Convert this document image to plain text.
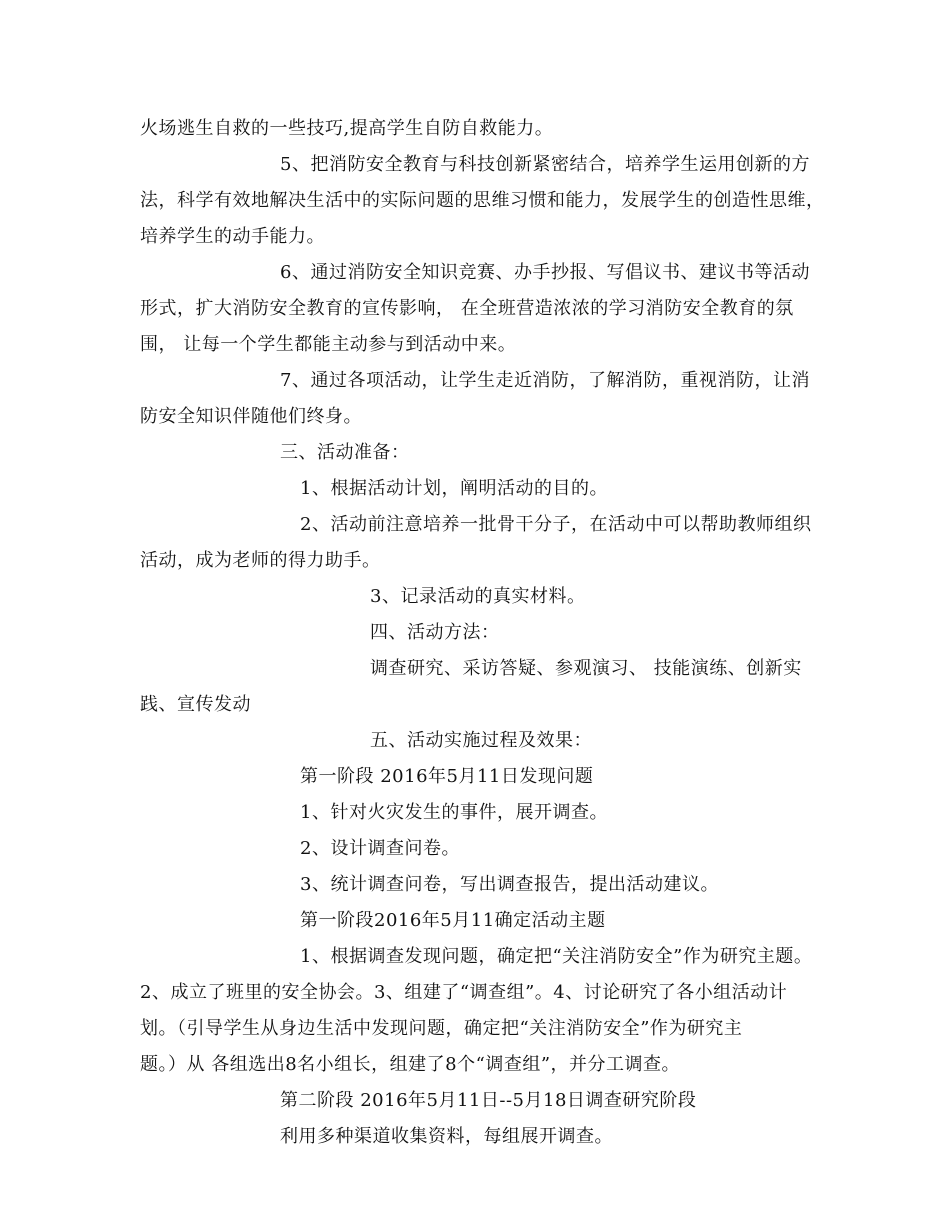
火场逃生自救的一些技巧,提高学生自防自救能力。
5、把消防安全教育与科技创新紧密结合，培养学生运用创新的方
法，科学有效地解决生活中的实际问题的思维习惯和能力，发展学生的创造性思维，
培养学生的动手能力。
6、通过消防安全知识竞赛、办手抄报、写倡议书、建议书等活动
形式，扩大消防安全教育的宣传影响， 在全班营造浓浓的学习消防安全教育的氛
围， 让每一个学生都能主动参与到活动中来。
7、通过各项活动，让学生走近消防，了解消防，重视消防，让消
防安全知识伴随他们终身。
三、活动准备：
1、根据活动计划，阐明活动的目的。
2、活动前注意培养一批骨干分子，在活动中可以帮助教师组织
活动，成为老师的得力助手。
3、记录活动的真实材料。
四、活动方法：
调查研究、采访答疑、参观演习、 技能演练、创新实
践、宣传发动
五、活动实施过程及效果：
第一阶段 2016年5月11日发现问题
1、针对火灾发生的事件，展开调查。
2、设计调查问卷。
3、统计调查问卷，写出调查报告，提出活动建议。
第一阶段2016年5月11确定活动主题
1、根据调查发现问题，确定把“关注消防安全”作为研究主题。
2、成立了班里的安全协会。3、组建了“调查组”。4、讨论研究了各小组活动计
划。（引导学生从身边生活中发现问题，确定把“关注消防安全”作为研究主
题。）从 各组选出8名小组长，组建了8个“调查组”，并分工调查。
第二阶段 2016年5月11日--5月18日调查研究阶段
利用多种渠道收集资料，每组展开调查。
